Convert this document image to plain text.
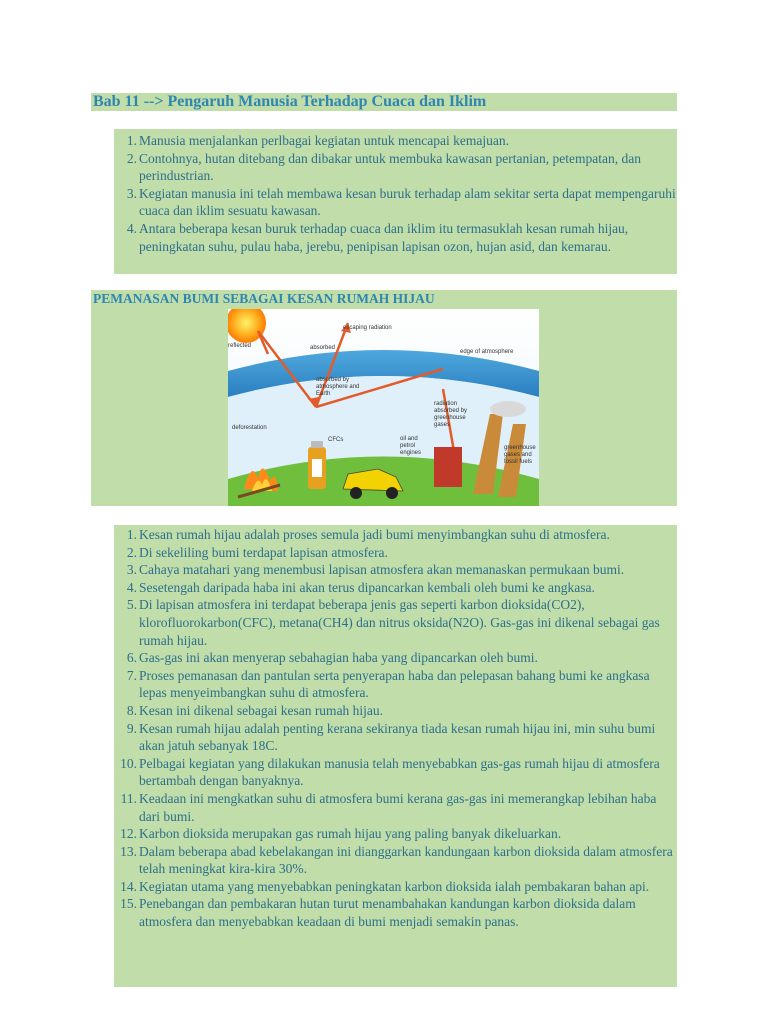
Bab 11 --> Pengaruh Manusia Terhadap Cuaca dan Iklim
1 . Manusia menjalankan perlbagai kegiatan untuk mencapai kemajuan.
2 . Contohnya, hutan ditebang dan dibakar untuk membuka kawasan pertanian, petempatan, dan perindustrian.
3 . Kegiatan manusia ini telah membawa kesan buruk terhadap alam sekitar serta dapat mempengaruhi cuaca dan iklim sesuatu kawasan.
4 . Antara beberapa kesan buruk terhadap cuaca dan iklim itu termasuklah kesan rumah hijau, peningkatan suhu, pulau haba, jerebu, penipisan lapisan ozon, hujan asid, dan kemarau.
PEMANASAN BUMI SEBAGAI KESAN RUMAH HIJAU
reflected	absorbed
escaping radiation
edge of atmosphere
absorbed by
atmosphere and
Earth
radiation
absorbed by
greenhouse
gases
deforestation
CFCs	oil and
petrol
engines
greenhouse
gases and
fossil fuels
1 . Kesan rumah hijau adalah proses semula jadi bumi menyimbangkan suhu di atmosfera.
2 . Di sekeliling bumi terdapat lapisan atmosfera.
3 . Cahaya matahari yang menembusi lapisan atmosfera akan memanaskan permukaan bumi.
4 . Sesetengah daripada haba ini akan terus dipancarkan kembali oleh bumi ke angkasa.
5 . Di lapisan atmosfera ini terdapat beberapa jenis gas seperti karbon dioksida(CO2), klorofluorokarbon(CFC), metana(CH4) dan nitrus oksida(N2O). Gas-gas ini dikenal sebagai gas rumah hijau.
6 . Gas-gas ini akan menyerap sebahagian haba yang dipancarkan oleh bumi.
7 . Proses pemanasan dan pantulan serta penyerapan haba dan pelepasan bahang bumi ke angkasa lepas menyeimbangkan suhu di atmosfera.
8 . Kesan ini dikenal sebagai kesan rumah hijau.
9 . Kesan rumah hijau adalah penting kerana sekiranya tiada kesan rumah hijau ini, min suhu bumi akan jatuh sebanyak 18C.
10 . Pelbagai kegiatan yang dilakukan manusia telah menyebabkan gas-gas rumah hijau di atmosfera bertambah dengan banyaknya.
11 . Keadaan ini mengkatkan suhu di atmosfera bumi kerana gas-gas ini memerangkap lebihan haba dari bumi.
12 . Karbon dioksida merupakan gas rumah hijau yang paling banyak dikeluarkan.
13 . Dalam beberapa abad kebelakangan ini dianggarkan kandungaan karbon dioksida dalam atmosfera telah meningkat kira-kira 30%.
14 . Kegiatan utama yang menyebabkan peningkatan karbon dioksida ialah pembakaran bahan api.
15 . Penebangan dan pembakaran hutan turut menambahakan kandungan karbon dioksida dalam atmosfera dan menyebabkan keadaan di bumi menjadi semakin panas.
